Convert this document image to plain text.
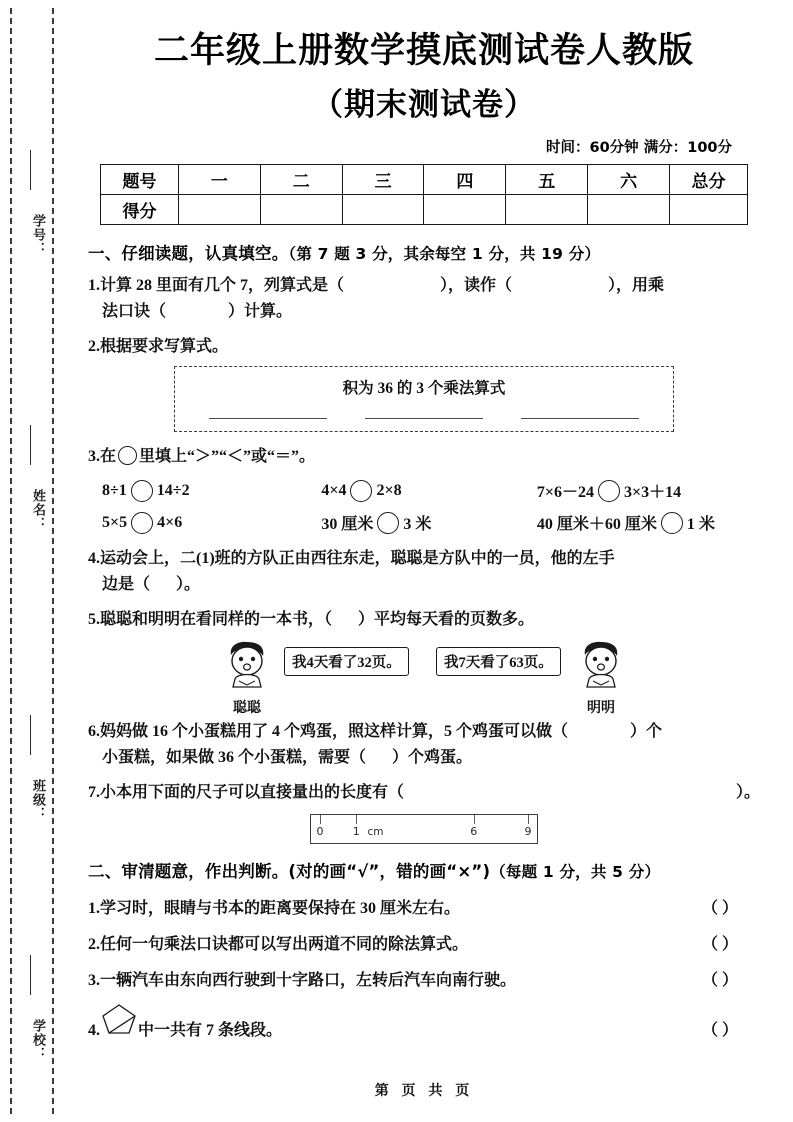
学号：
姓名：
班级：
学校：
二年级上册数学摸底测试卷人教版
（期末测试卷）
时间：60分钟 满分：100分
题号	一	二	三	四	五	六	总分
得分							
一、仔细读题，认真填空。（第 7 题 3 分，其余每空 1 分，共 19 分）
1.计算 28 里面有几个 7，列算式是（	），读作（	），用乘
法口诀（	）计算。
2.根据要求写算式。
积为 36 的 3 个乘法算式
3.在 里填上“＞”“＜”或“＝”。
8÷1 14÷2	4×4 2×8	7×6－24 3×3＋14
5×5 4×6	30 厘米 3 米	40 厘米＋60 厘米 1 米
4.运动会上，二(1)班的方队正由西往东走，聪聪是方队中的一员，他的左手
边是（ ）。
5.聪聪和明明在看同样的一本书，（ ）平均每天看的页数多。
聪聪
我4天看了32页。	我7天看了63页。
明明
6.妈妈做 16 个小蛋糕用了 4 个鸡蛋，照这样计算，5 个鸡蛋可以做（	）个
小蛋糕，如果做 36 个小蛋糕，需要（ ）个鸡蛋。
7.小本用下面的尺子可以直接量出的长度有（	）。
0	1	6	9
cm
二、审清题意，作出判断。(对的画“√”，错的画“×”)（每题 1 分，共 5 分）
1.学习时，眼睛与书本的距离要保持在 30 厘米左右。	（ ）
2.任何一句乘法口诀都可以写出两道不同的除法算式。	（ ）
3.一辆汽车由东向西行驶到十字路口，左转后汽车向南行驶。	（ ）
4. 中一共有 7 条线段。	（ ）
第 页 共 页
